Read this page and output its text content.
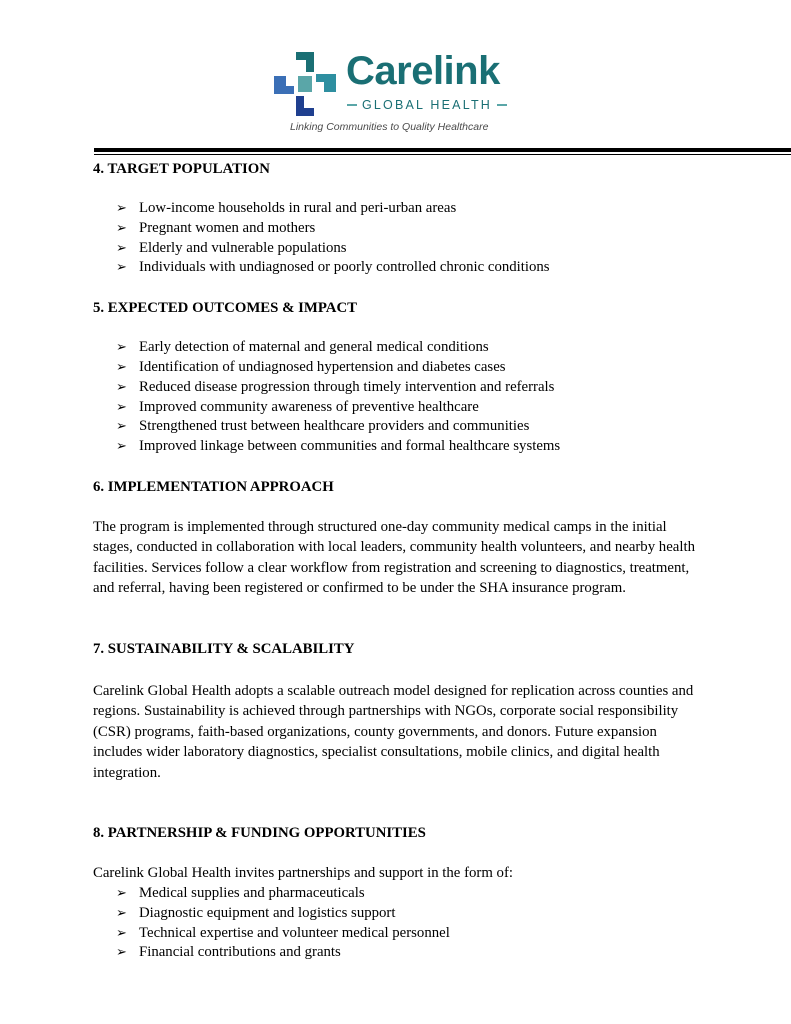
Carelink
GLOBAL HEALTH
Linking Communities to Quality Healthcare
4. TARGET POPULATION
➢ Low-income households in rural and peri-urban areas
➢ Pregnant women and mothers
➢ Elderly and vulnerable populations
➢ Individuals with undiagnosed or poorly controlled chronic conditions
5. EXPECTED OUTCOMES & IMPACT
➢ Early detection of maternal and general medical conditions
➢ Identification of undiagnosed hypertension and diabetes cases
➢ Reduced disease progression through timely intervention and referrals
➢ Improved community awareness of preventive healthcare
➢ Strengthened trust between healthcare providers and communities
➢ Improved linkage between communities and formal healthcare systems
6. IMPLEMENTATION APPROACH

The program is implemented through structured one-day community medical camps in the initial stages, conducted in collaboration with local leaders, community health volunteers, and nearby health facilities. Services follow a clear workflow from registration and screening to diagnostics, treatment, and referral, having been registered or confirmed to be under the SHA insurance program.

7. SUSTAINABILITY & SCALABILITY

Carelink Global Health adopts a scalable outreach model designed for replication across counties and regions. Sustainability is achieved through partnerships with NGOs, corporate social responsibility (CSR) programs, faith-based organizations, county governments, and donors. Future expansion includes wider laboratory diagnostics, specialist consultations, mobile clinics, and digital health integration.

8. PARTNERSHIP & FUNDING OPPORTUNITIES

Carelink Global Health invites partnerships and support in the form of:

➢ Medical supplies and pharmaceuticals
➢ Diagnostic equipment and logistics support
➢ Technical expertise and volunteer medical personnel
➢ Financial contributions and grants
